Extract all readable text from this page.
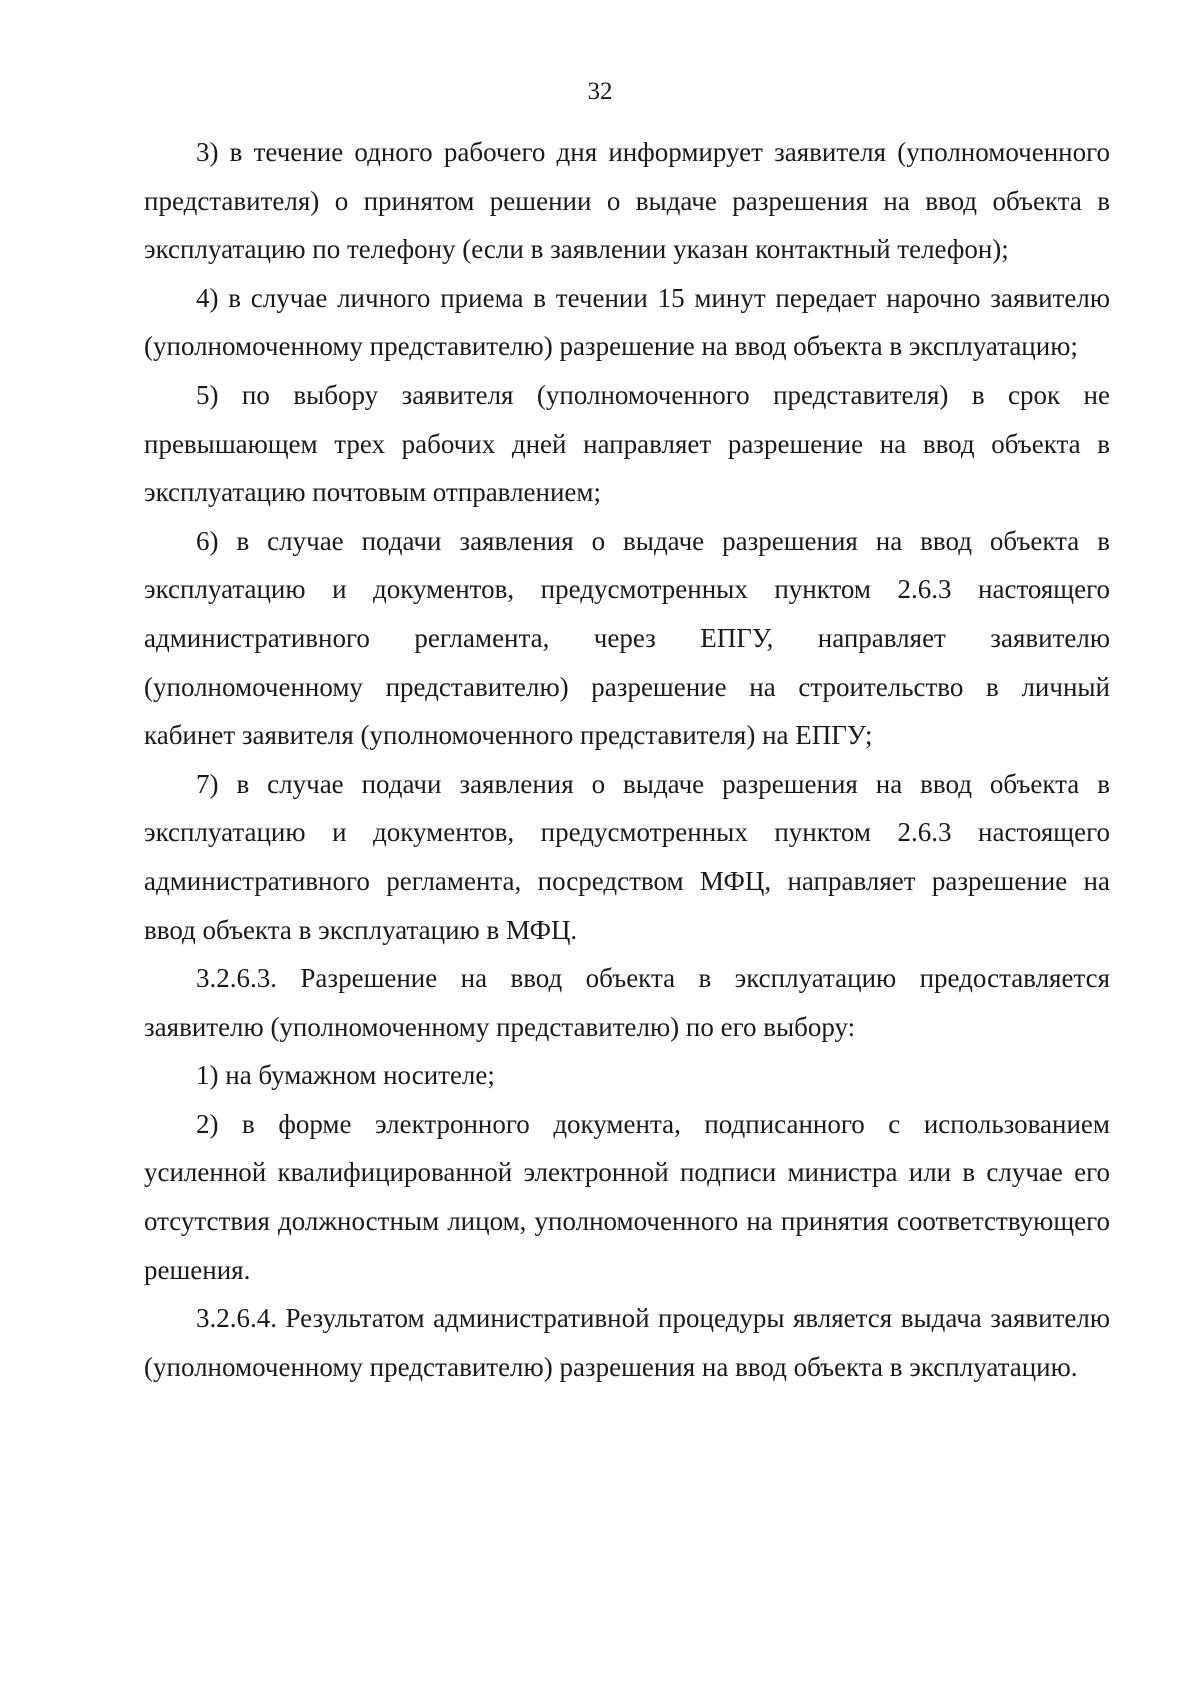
32

3) в течение одного рабочего дня информирует заявителя (уполномоченного представителя) о принятом решении о выдаче разрешения на ввод объекта в эксплуатацию по телефону (если в заявлении указан контактный телефон);

4) в случае личного приема в течении 15 минут передает нарочно заявителю (уполномоченному представителю) разрешение на ввод объекта в эксплуатацию;

5) по выбору заявителя (уполномоченного представителя) в срок не превышающем трех рабочих дней направляет разрешение на ввод объекта в эксплуатацию почтовым отправлением;

6) в случае подачи заявления о выдаче разрешения на ввод объекта в эксплуатацию и документов, предусмотренных пунктом 2.6.3 настоящего административного регламента, через ЕПГУ, направляет заявителю (уполномоченному представителю) разрешение на строительство в личный кабинет заявителя (уполномоченного представителя) на ЕПГУ;

7) в случае подачи заявления о выдаче разрешения на ввод объекта в эксплуатацию и документов, предусмотренных пунктом 2.6.3 настоящего административного регламента, посредством МФЦ, направляет разрешение на ввод объекта в эксплуатацию в МФЦ.

3.2.6.3. Разрешение на ввод объекта в эксплуатацию предоставляется заявителю (уполномоченному представителю) по его выбору:

1) на бумажном носителе;

2) в форме электронного документа, подписанного с использованием усиленной квалифицированной электронной подписи министра или в случае его отсутствия должностным лицом, уполномоченного на принятия соответствующего решения.

3.2.6.4. Результатом административной процедуры является выдача заявителю (уполномоченному представителю) разрешения на ввод объекта в эксплуатацию.
